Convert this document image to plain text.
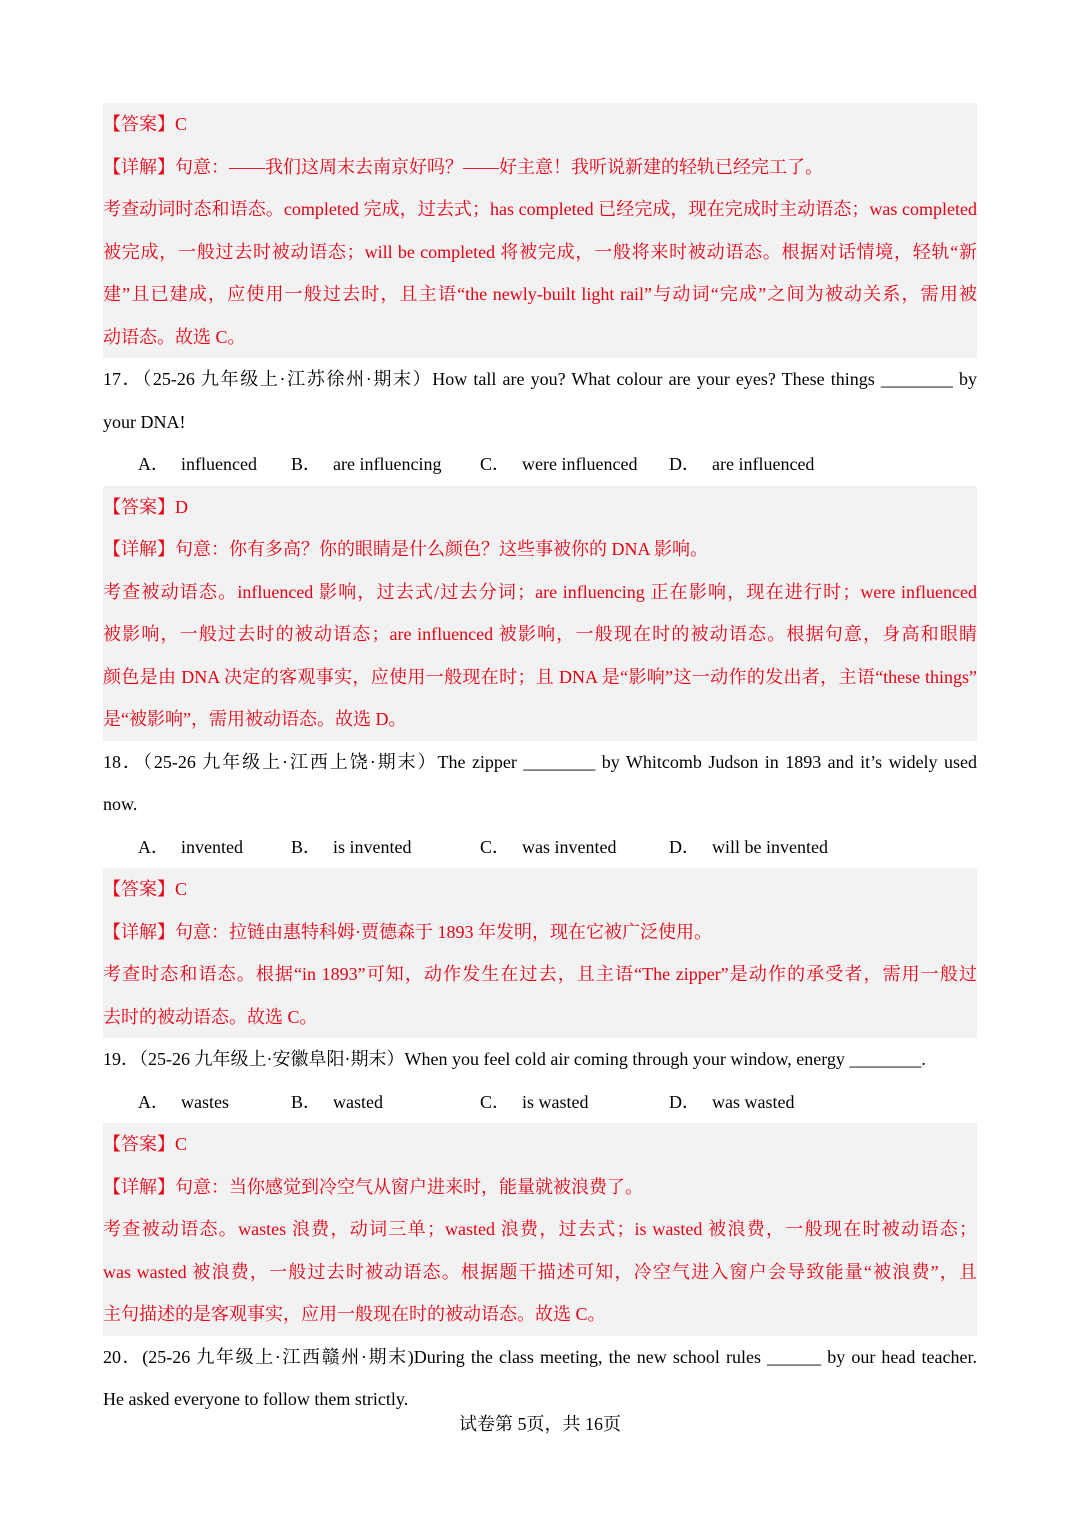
【答案】C
【详解】句意：——我们这周末去南京好吗？——好主意！我听说新建的轻轨已经完工了。
考查动词时态和语态。completed 完成，过去式；has completed 已经完成，现在完成时主动语态；was completed
被完成，一般过去时被动语态；will be completed 将被完成，一般将来时被动语态。根据对话情境，轻轨“新
建”且已建成，应使用一般过去时，且主语“the newly-built light rail”与动词“完成”之间为被动关系，需用被
动语态。故选 C。
17．（25-26 九年级上·江苏徐州·期末）How tall are you? What colour are your eyes? These things ________ by
your DNA!
A． influenced B． are influencing C． were influenced D． are influenced
【答案】D
【详解】句意：你有多高？你的眼睛是什么颜色？这些事被你的 DNA 影响。
考查被动语态。influenced 影响，过去式/过去分词；are influencing 正在影响，现在进行时；were influenced
被影响，一般过去时的被动语态；are influenced 被影响，一般现在时的被动语态。根据句意，身高和眼睛
颜色是由 DNA 决定的客观事实，应使用一般现在时；且 DNA 是“影响”这一动作的发出者，主语“these things”
是“被影响”，需用被动语态。故选 D。
18．（25-26 九年级上·江西上饶·期末）The zipper ________ by Whitcomb Judson in 1893 and it’s widely used
now.
A． invented	B． is invented	C． was invented	D． will be invented
【答案】C
【详解】句意：拉链由惠特科姆·贾德森于 1893 年发明，现在它被广泛使用。
考查时态和语态。根据“in 1893”可知，动作发生在过去，且主语“The zipper”是动作的承受者，需用一般过
去时的被动语态。故选 C。
19．（25-26 九年级上·安徽阜阳·期末）When you feel cold air coming through your window, energy ________.
A． wastes	B． wasted	C． is wasted	D． was wasted
【答案】C
【详解】句意：当你感觉到冷空气从窗户进来时，能量就被浪费了。
考查被动语态。wastes 浪费，动词三单；wasted 浪费，过去式；is wasted 被浪费，一般现在时被动语态；
was wasted 被浪费，一般过去时被动语态。根据题干描述可知，冷空气进入窗户会导致能量“被浪费”，且
主句描述的是客观事实，应用一般现在时的被动语态。故选 C。
20．(25-26 九年级上·江西赣州·期末)During the class meeting, the new school rules ______ by our head teacher.
He asked everyone to follow them strictly.
试卷第 5页，共 16页
